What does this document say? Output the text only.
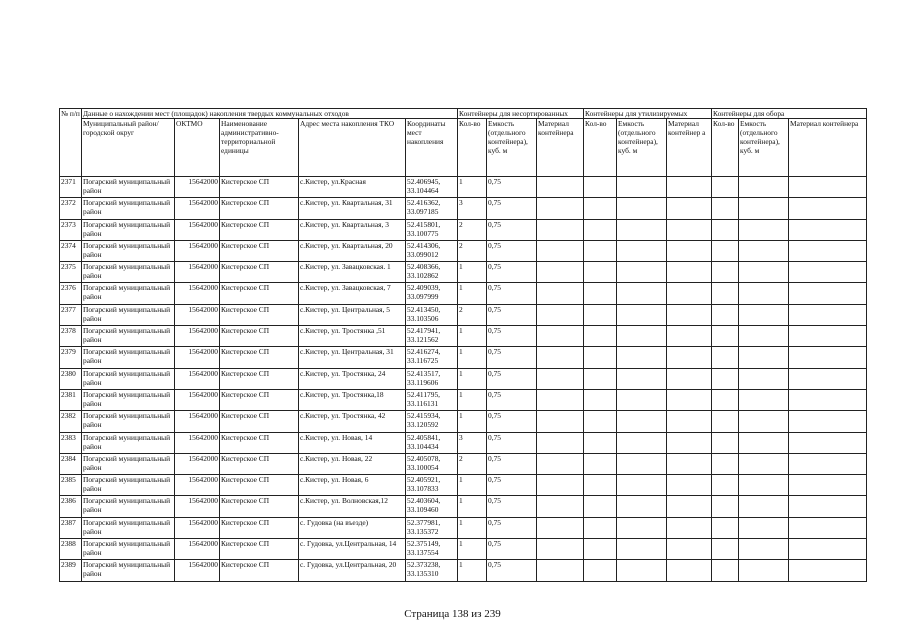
№ п/п	Данные о нахождении мест (площадок) накопления твердых коммунальных отходов					Контейнеры для несортированных			Контейнеры для утилизируемых			Контейнеры для обора		
	Муниципальный район/городской округ	ОКТМО	Наименование административно-территориальной единицы	Адрес места накопления ТКО	Координаты мест накопления	Кол-во	Емкость (отдельного контейнера), куб. м	Материал контейнера	Кол-во	Емкость (отдельного контейнера), куб. м	Материал контейнер а	Кол-во	Емкость (отдельного контейнера), куб. м	Материал контейнера
2371	Погарский муниципальный район	15642000	Кистерское СП	с.Кистер, ул.Красная	52.406945, 33.104464	1	0,75							
2372	Погарский муниципальный район	15642000	Кистерское СП	с.Кистер, ул. Квартальная, 31	52.416362, 33.097185	3	0,75							
2373	Погарский муниципальный район	15642000	Кистерское СП	с.Кистер, ул. Квартальная, 3	52.415801, 33.100775	2	0,75							
2374	Погарский муниципальный район	15642000	Кистерское СП	с.Кистер, ул. Квартальная, 20	52.414306, 33.099012	2	0,75							
2375	Погарский муниципальный район	15642000	Кистерское СП	с.Кистер, ул. Завацковская. 1	52.408366, 33.102862	1	0,75							
2376	Погарский муниципальный район	15642000	Кистерское СП	с.Кистер, ул. Завацковская, 7	52.409039, 33.097999	1	0,75							
2377	Погарский муниципальный район	15642000	Кистерское СП	с.Кистер, ул. Центральная, 5	52.413450, 33.103506	2	0,75							
2378	Погарский муниципальный район	15642000	Кистерское СП	с.Кистер, ул. Тростянка ,51	52.417941, 33.121562	1	0,75							
2379	Погарский муниципальный район	15642000	Кистерское СП	с.Кистер, ул. Центральная, 31	52.416274, 33.116725	1	0,75							
2380	Погарский муниципальный район	15642000	Кистерское СП	с.Кистер, ул. Тростянка, 24	52.413517, 33.119606	1	0,75							
2381	Погарский муниципальный район	15642000	Кистерское СП	с.Кистер, ул. Тростянка,18	52.411795, 33.116131	1	0,75							
2382	Погарский муниципальный район	15642000	Кистерское СП	с.Кистер, ул. Тростянка, 42	52.415934, 33.120592	1	0,75							
2383	Погарский муниципальный район	15642000	Кистерское СП	с.Кистер, ул. Новая, 14	52.405841, 33.104434	3	0,75							
2384	Погарский муниципальный район	15642000	Кистерское СП	с.Кистер, ул. Новая, 22	52.405078, 33.100054	2	0,75							
2385	Погарский муниципальный район	15642000	Кистерское СП	с.Кистер, ул. Новая, 6	52.405921, 33.107833	1	0,75							
2386	Погарский муниципальный район	15642000	Кистерское СП	с.Кистер, ул. Волновская,12	52.403604, 33.109460	1	0,75							
2387	Погарский муниципальный район	15642000	Кистерское СП	с. Гудовка (на въезде)	52.377981, 33.135372	1	0,75							
2388	Погарский муниципальный район	15642000	Кистерское СП	с. Гудовка, ул.Центральная, 14	52.375149, 33.137554	1	0,75							
2389	Погарский муниципальный район	15642000	Кистерское СП	с. Гудовка, ул.Центральная, 20	52.373238, 33.135310	1	0,75							
Страница 138 из 239
